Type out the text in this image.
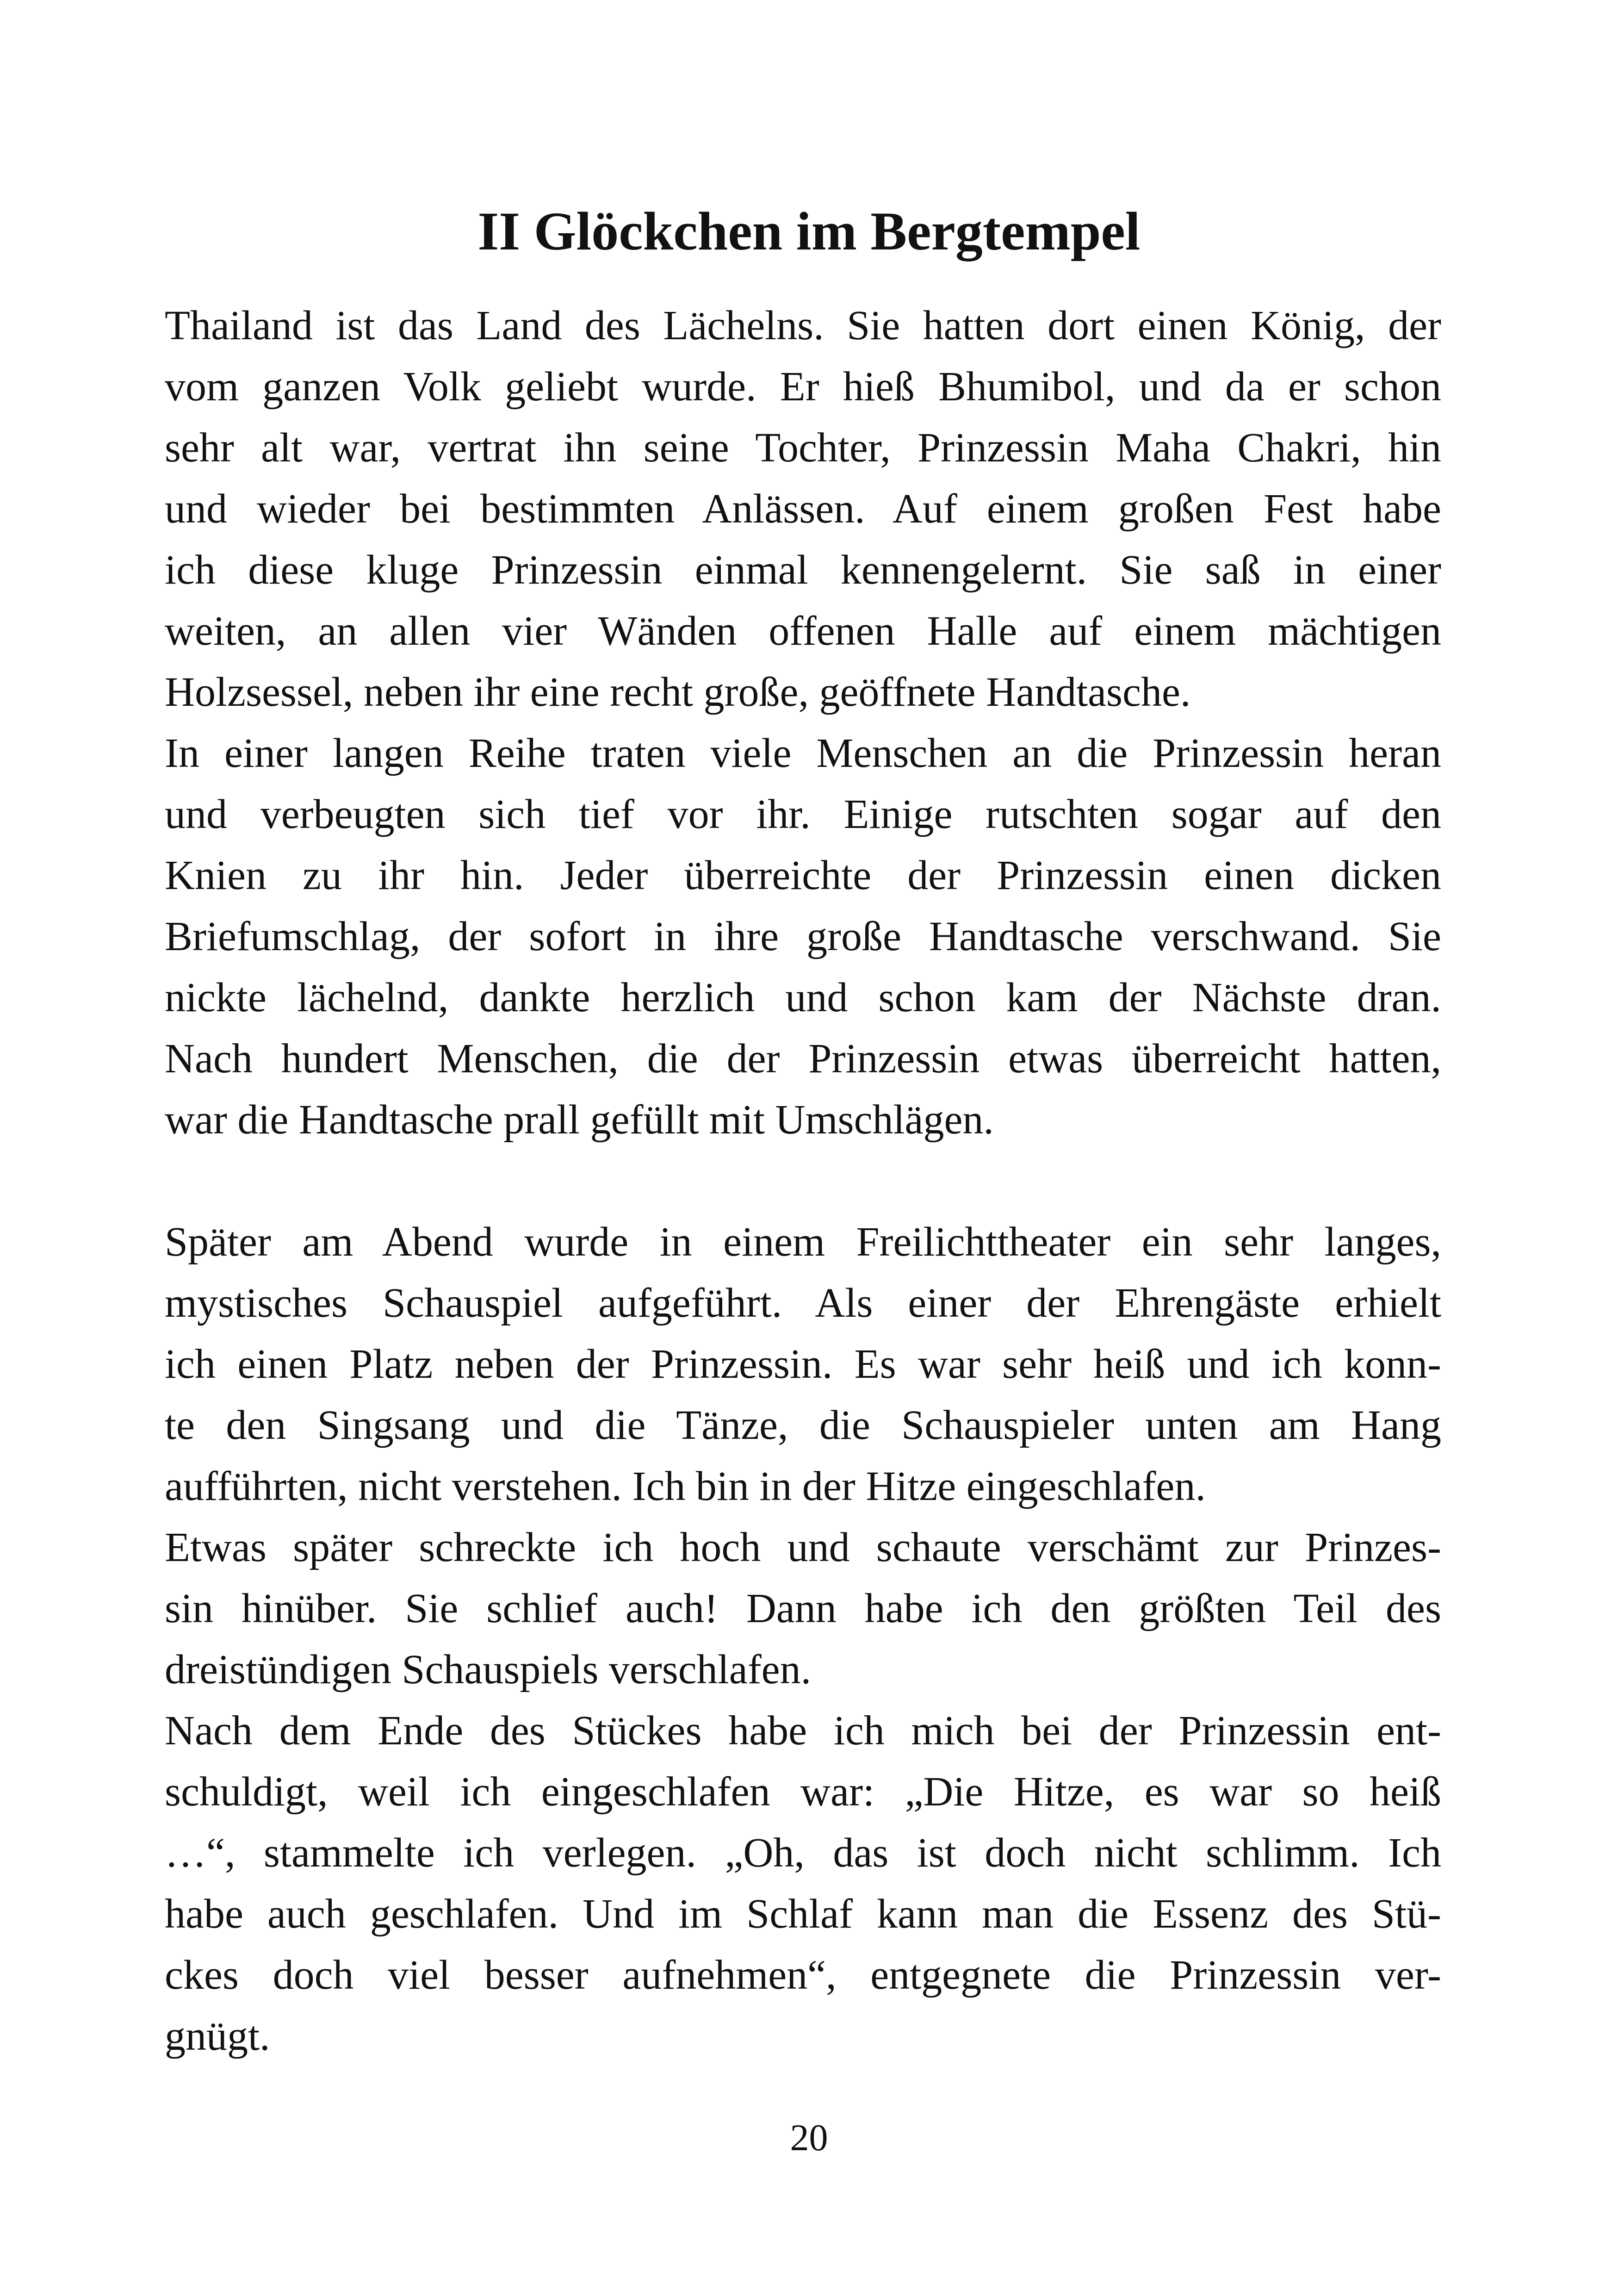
II Glöckchen im Bergtempel
Thailand ist das Land des Lächelns. Sie hatten dort einen König, der
vom ganzen Volk geliebt wurde. Er hieß Bhumibol, und da er schon
sehr alt war, vertrat ihn seine Tochter, Prinzessin Maha Chakri, hin
und wieder bei bestimmten Anlässen. Auf einem großen Fest habe
ich diese kluge Prinzessin einmal kennengelernt. Sie saß in einer
weiten, an allen vier Wänden offenen Halle auf einem mächtigen
Holzsessel, neben ihr eine recht große, geöffnete Handtasche.
In einer langen Reihe traten viele Menschen an die Prinzessin heran
und verbeugten sich tief vor ihr. Einige rutschten sogar auf den
Knien zu ihr hin. Jeder überreichte der Prinzessin einen dicken
Briefumschlag, der sofort in ihre große Handtasche verschwand. Sie
nickte lächelnd, dankte herzlich und schon kam der Nächste dran.
Nach hundert Menschen, die der Prinzessin etwas überreicht hatten,
war die Handtasche prall gefüllt mit Umschlägen.
Später am Abend wurde in einem Freilichttheater ein sehr langes,
mystisches Schauspiel aufgeführt. Als einer der Ehrengäste erhielt
ich einen Platz neben der Prinzessin. Es war sehr heiß und ich konn-
te den Singsang und die Tänze, die Schauspieler unten am Hang
aufführten, nicht verstehen. Ich bin in der Hitze eingeschlafen.
Etwas später schreckte ich hoch und schaute verschämt zur Prinzes-
sin hinüber. Sie schlief auch! Dann habe ich den größten Teil des
dreistündigen Schauspiels verschlafen.
Nach dem Ende des Stückes habe ich mich bei der Prinzessin ent-
schuldigt, weil ich eingeschlafen war: „Die Hitze, es war so heiß
…“, stammelte ich verlegen. „Oh, das ist doch nicht schlimm. Ich
habe auch geschlafen. Und im Schlaf kann man die Essenz des Stü-
ckes doch viel besser aufnehmen“, entgegnete die Prinzessin ver-
gnügt.
20
